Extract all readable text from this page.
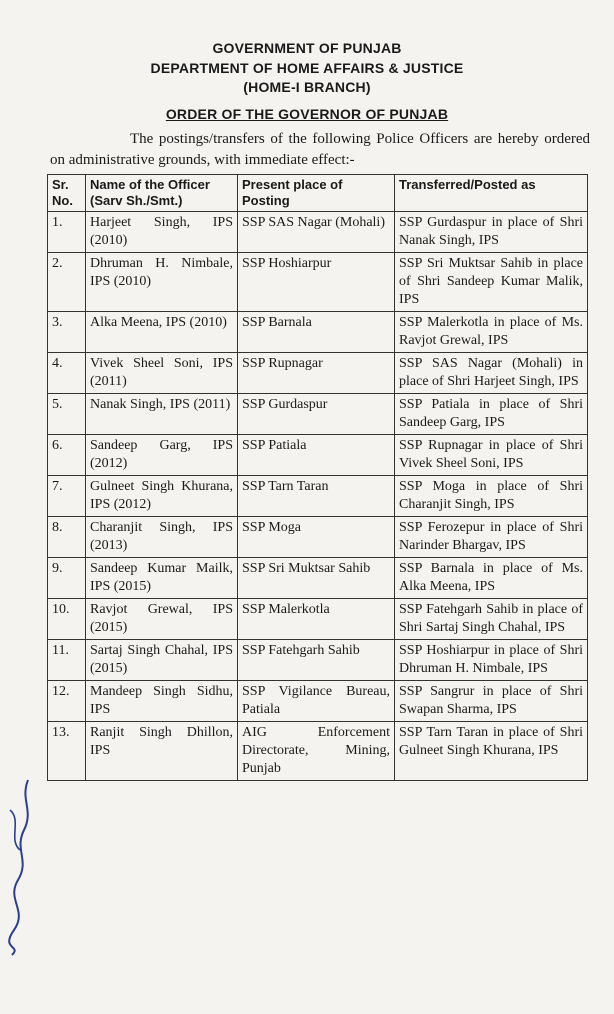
GOVERNMENT OF PUNJAB
DEPARTMENT OF HOME AFFAIRS & JUSTICE
(HOME-I BRANCH)
ORDER OF THE GOVERNOR OF PUNJAB
The postings/transfers of the following Police Officers are hereby ordered on administrative grounds, with immediate effect:-
Sr. No.	Name of the Officer (Sarv Sh./Smt.)	Present place of Posting	Transferred/Posted as
1.	Harjeet Singh, IPS (2010)	SSP SAS Nagar (Mohali)	SSP Gurdaspur in place of Shri Nanak Singh, IPS
2.	Dhruman H. Nimbale, IPS (2010)	SSP Hoshiarpur	SSP Sri Muktsar Sahib in place of Shri Sandeep Kumar Malik, IPS
3.	Alka Meena, IPS (2010)	SSP Barnala	SSP Malerkotla in place of Ms. Ravjot Grewal, IPS
4.	Vivek Sheel Soni, IPS (2011)	SSP Rupnagar	SSP SAS Nagar (Mohali) in place of Shri Harjeet Singh, IPS
5.	Nanak Singh, IPS (2011)	SSP Gurdaspur	SSP Patiala in place of Shri Sandeep Garg, IPS
6.	Sandeep Garg, IPS (2012)	SSP Patiala	SSP Rupnagar in place of Shri Vivek Sheel Soni, IPS
7.	Gulneet Singh Khurana, IPS (2012)	SSP Tarn Taran	SSP Moga in place of Shri Charanjit Singh, IPS
8.	Charanjit Singh, IPS (2013)	SSP Moga	SSP Ferozepur in place of Shri Narinder Bhargav, IPS
9.	Sandeep Kumar Mailk, IPS (2015)	SSP Sri Muktsar Sahib	SSP Barnala in place of Ms. Alka Meena, IPS
10.	Ravjot Grewal, IPS (2015)	SSP Malerkotla	SSP Fatehgarh Sahib in place of Shri Sartaj Singh Chahal, IPS
11.	Sartaj Singh Chahal, IPS (2015)	SSP Fatehgarh Sahib	SSP Hoshiarpur in place of Shri Dhruman H. Nimbale, IPS
12.	Mandeep Singh Sidhu, IPS	SSP Vigilance Bureau, Patiala	SSP Sangrur in place of Shri Swapan Sharma, IPS
13.	Ranjit Singh Dhillon, IPS	AIG Enforcement Directorate, Mining, Punjab	SSP Tarn Taran in place of Shri Gulneet Singh Khurana, IPS
